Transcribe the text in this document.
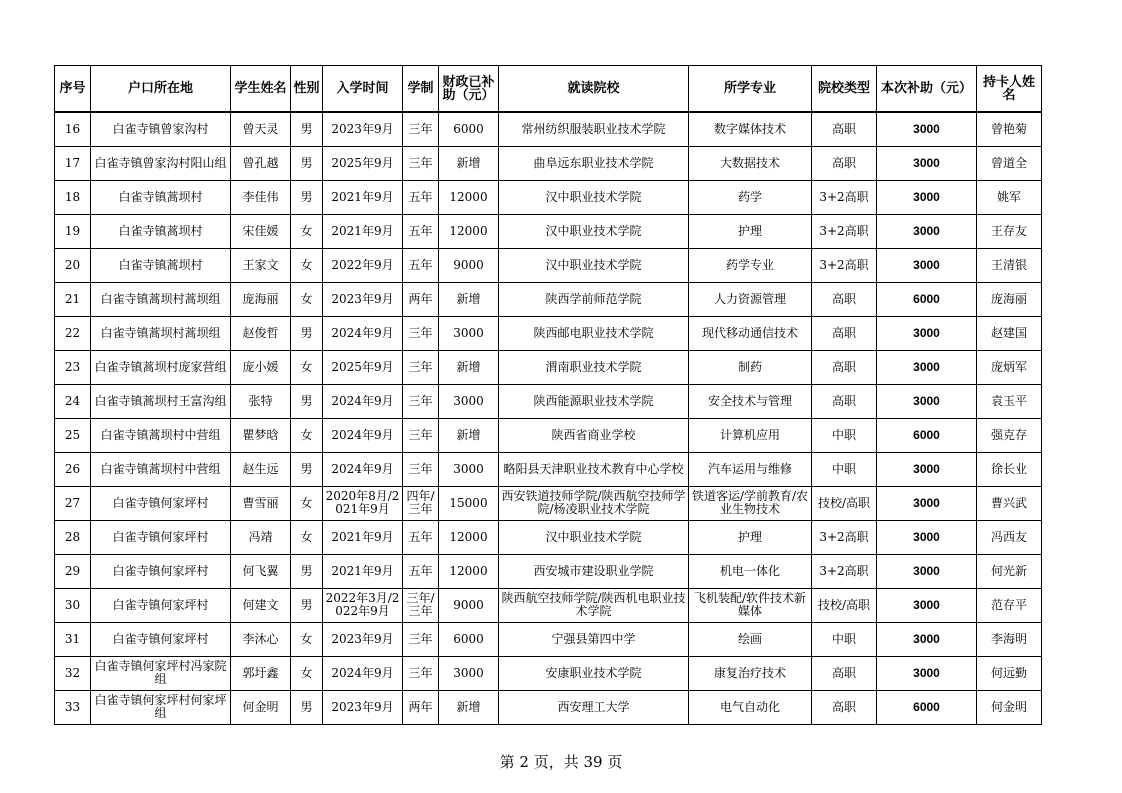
序号	户口所在地	学生姓名	性别	入学时间	学制	财政已补助（元）	就读院校	所学专业	院校类型	本次补助（元）	持卡人姓名
16	白雀寺镇曾家沟村	曾天灵	男	2023年9月	三年	6000	常州纺织服装职业技术学院	数字媒体技术	高职	3000	曾艳菊
17	白雀寺镇曾家沟村阳山组	曾孔越	男	2025年9月	三年	新增	曲阜远东职业技术学院	大数据技术	高职	3000	曾道全
18	白雀寺镇蒿坝村	李佳伟	男	2021年9月	五年	12000	汉中职业技术学院	药学	3+2高职	3000	姚军
19	白雀寺镇蒿坝村	宋佳媛	女	2021年9月	五年	12000	汉中职业技术学院	护理	3+2高职	3000	王存友
20	白雀寺镇蒿坝村	王家文	女	2022年9月	五年	9000	汉中职业技术学院	药学专业	3+2高职	3000	王清银
21	白雀寺镇蒿坝村蒿坝组	庞海丽	女	2023年9月	两年	新增	陕西学前师范学院	人力资源管理	高职	6000	庞海丽
22	白雀寺镇蒿坝村蒿坝组	赵俊哲	男	2024年9月	三年	3000	陕西邮电职业技术学院	现代移动通信技术	高职	3000	赵建国
23	白雀寺镇蒿坝村庞家营组	庞小媛	女	2025年9月	三年	新增	渭南职业技术学院	制药	高职	3000	庞炳军
24	白雀寺镇蒿坝村王富沟组	张特	男	2024年9月	三年	3000	陕西能源职业技术学院	安全技术与管理	高职	3000	袁玉平
25	白雀寺镇蒿坝村中营组	瞿梦晗	女	2024年9月	三年	新增	陕西省商业学校	计算机应用	中职	6000	强克存
26	白雀寺镇蒿坝村中营组	赵生远	男	2024年9月	三年	3000	略阳县天津职业技术教育中心学校	汽车运用与维修	中职	3000	徐长业
27	白雀寺镇何家坪村	曹雪丽	女	2020年8月/2021年9月	四年/三年	15000	西安铁道技师学院/陕西航空技师学院/杨凌职业技术学院	铁道客运/学前教育/农业生物技术	技校/高职	3000	曹兴武
28	白雀寺镇何家坪村	冯靖	女	2021年9月	五年	12000	汉中职业技术学院	护理	3+2高职	3000	冯西友
29	白雀寺镇何家坪村	何飞翼	男	2021年9月	五年	12000	西安城市建设职业学院	机电一体化	3+2高职	3000	何光新
30	白雀寺镇何家坪村	何建文	男	2022年3月/2022年9月	三年/三年	9000	陕西航空技师学院/陕西机电职业技术学院	飞机装配/软件技术新媒体	技校/高职	3000	范存平
31	白雀寺镇何家坪村	李沐心	女	2023年9月	三年	6000	宁强县第四中学	绘画	中职	3000	李海明
32	白雀寺镇何家坪村冯家院组	郭圩鑫	女	2024年9月	三年	3000	安康职业技术学院	康复治疗技术	高职	3000	何远勤
33	白雀寺镇何家坪村何家坪组	何金明	男	2023年9月	两年	新增	西安理工大学	电气自动化	高职	6000	何金明
第 2 页，共 39 页
